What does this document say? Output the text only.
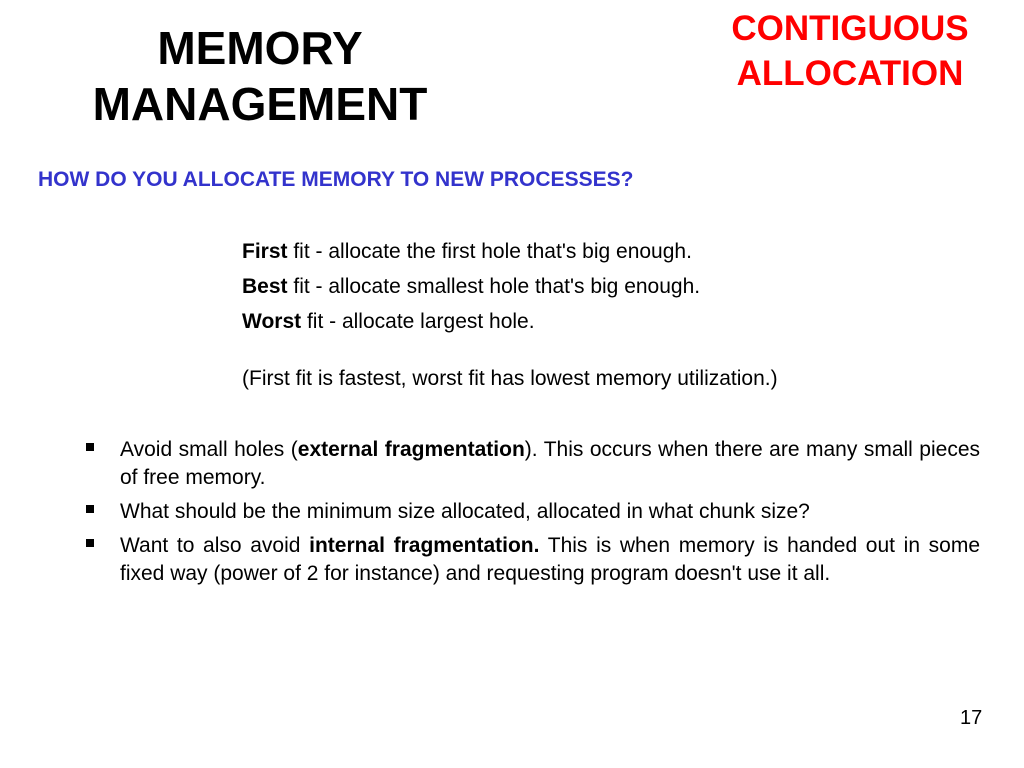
MEMORY
MANAGEMENT
CONTIGUOUS
ALLOCATION
HOW DO YOU ALLOCATE MEMORY TO NEW PROCESSES?
First fit - allocate the first hole that's big enough.
Best fit - allocate smallest hole that's big enough.
Worst fit - allocate largest hole.
(First fit is fastest, worst fit has lowest memory utilization.)
Avoid small holes (external fragmentation). This occurs when there are many small pieces of free memory.
What should be the minimum size allocated, allocated in what chunk size?
Want to also avoid internal fragmentation. This is when memory is handed out in some fixed way (power of 2 for instance) and requesting program doesn't use it all.
17
